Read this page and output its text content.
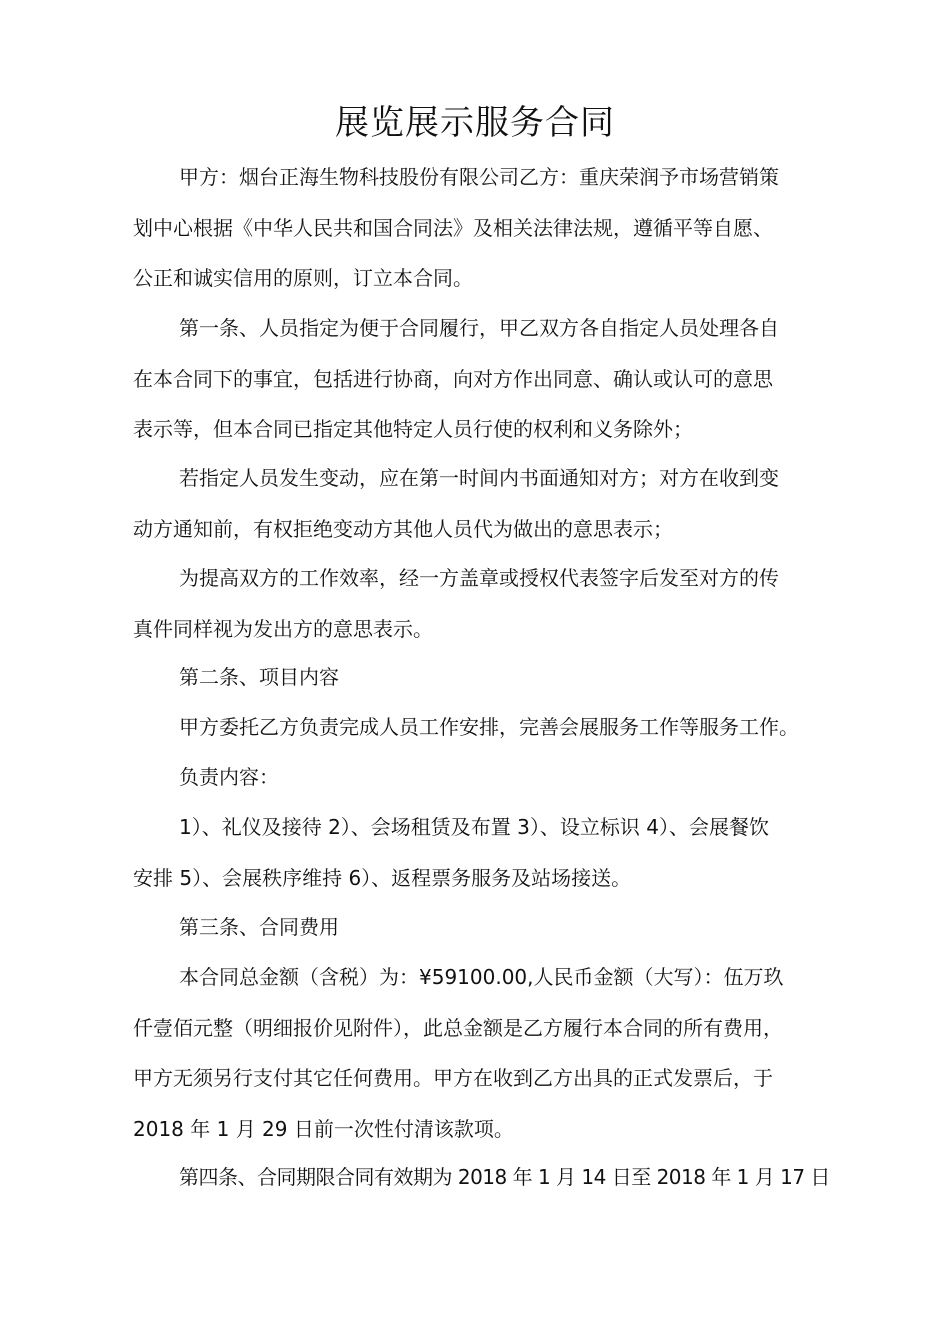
展览展示服务合同
甲方：烟台正海生物科技股份有限公司乙方：重庆荣润予市场营销策
划中心根据《中华人民共和国合同法》及相关法律法规，遵循平等自愿、
公正和诚实信用的原则，订立本合同。
第一条、人员指定为便于合同履行，甲乙双方各自指定人员处理各自
在本合同下的事宜，包括进行协商，向对方作出同意、确认或认可的意思
表示等，但本合同已指定其他特定人员行使的权利和义务除外；
若指定人员发生变动，应在第一时间内书面通知对方；对方在收到变
动方通知前，有权拒绝变动方其他人员代为做出的意思表示；
为提高双方的工作效率，经一方盖章或授权代表签字后发至对方的传
真件同样视为发出方的意思表示。
第二条、项目内容
甲方委托乙方负责完成人员工作安排，完善会展服务工作等服务工作。
负责内容：
1）、礼仪及接待 2）、会场租赁及布置 3）、设立标识 4）、会展餐饮
安排 5）、会展秩序维持 6）、返程票务服务及站场接送。
第三条、合同费用
本合同总金额（含税）为：¥59100.00,人民币金额（大写）：伍万玖
仟壹佰元整（明细报价见附件），此总金额是乙方履行本合同的所有费用，
甲方无须另行支付其它任何费用。甲方在收到乙方出具的正式发票后，于
2018 年 1 月 29 日前一次性付清该款项。
第四条、合同期限合同有效期为 2018 年 1 月 14 日至 2018 年 1 月 17 日
